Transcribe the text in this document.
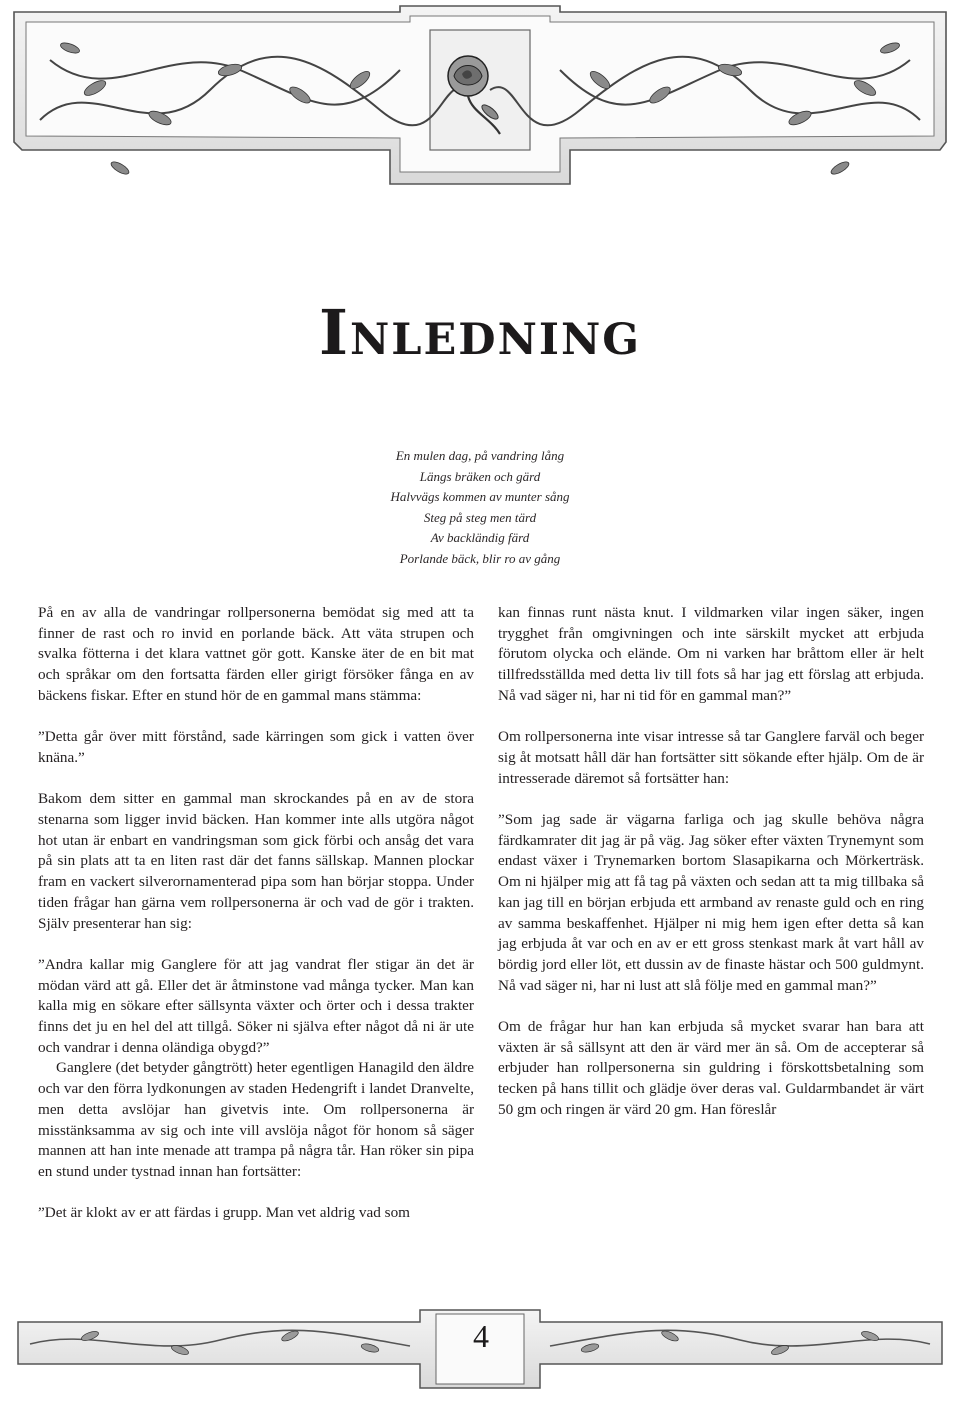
Inledning
En mulen dag, på vandring lång
Längs bräken och gärd
Halvvägs kommen av munter sång
Steg på steg men tärd
Av backländig färd
Porlande bäck, blir ro av gång

På en av alla de vandringar rollpersonerna bemödat sig med att ta finner de rast och ro invid en porlande bäck. Att väta strupen och svalka fötterna i det klara vattnet gör gott. Kanske äter de en bit mat och språkar om den fortsatta färden eller girigt försöker fånga en av bäckens fiskar. Efter en stund hör de en gammal mans stämma:

”Detta går över mitt förstånd, sade kärringen som gick i vatten över knäna.”

Bakom dem sitter en gammal man skrockandes på en av de stora stenarna som ligger invid bäcken. Han kommer inte alls utgöra något hot utan är enbart en vandringsman som gick förbi och ansåg det vara på sin plats att ta en liten rast där det fanns sällskap. Mannen plockar fram en vackert silverornamenterad pipa som han börjar stoppa. Under tiden frågar han gärna vem rollpersonerna är och vad de gör i trakten. Själv presenterar han sig:

”Andra kallar mig Ganglere för att jag vandrat fler stigar än det är mödan värd att gå. Eller det är åtminstone vad många tycker. Man kan kalla mig en sökare efter sällsynta växter och örter och i dessa trakter finns det ju en hel del att tillgå. Söker ni själva efter något då ni är ute och vandrar i denna oländiga obygd?”

Ganglere (det betyder gångtrött) heter egentligen Hanagild den äldre och var den förra lydkonungen av staden Hedengrift i landet Dranvelte, men detta avslöjar han givetvis inte. Om rollpersonerna är misstänksamma av sig och inte vill avslöja något för honom så säger mannen att han inte menade att trampa på några tår. Han röker sin pipa en stund under tystnad innan han fortsätter:

”Det är klokt av er att färdas i grupp. Man vet aldrig vad som

kan finnas runt nästa knut. I vildmarken vilar ingen säker, ingen trygghet från omgivningen och inte särskilt mycket att erbjuda förutom olycka och elände. Om ni varken har bråttom eller är helt tillfredsställda med detta liv till fots så har jag ett förslag att erbjuda. Nå vad säger ni, har ni tid för en gammal man?”

Om rollpersonerna inte visar intresse så tar Ganglere farväl och beger sig åt motsatt håll där han fortsätter sitt sökande efter hjälp. Om de är intresserade däremot så fortsätter han:

”Som jag sade är vägarna farliga och jag skulle behöva några färdkamrater dit jag är på väg. Jag söker efter växten Trynemynt som endast växer i Trynemarken bortom Slasapikarna och Mörkerträsk. Om ni hjälper mig att få tag på växten och sedan att ta mig tillbaka så kan jag till en början erbjuda ett armband av renaste guld och en ring av samma beskaffenhet. Hjälper ni mig hem igen efter detta så kan jag erbjuda åt var och en av er ett gross stenkast mark åt vart håll av bördig jord eller löt, ett dussin av de finaste hästar och 500 guldmynt. Nå vad säger ni, har ni lust att slå följe med en gammal man?”

Om de frågar hur han kan erbjuda så mycket svarar han bara att växten är så sällsynt att den är värd mer än så. Om de accepterar så erbjuder han rollpersonerna sin guldring i förskottsbetalning som tecken på hans tillit och glädje över deras val. Guldarmbandet är värt 50 gm och ringen är värd 20 gm. Han föreslår

4
